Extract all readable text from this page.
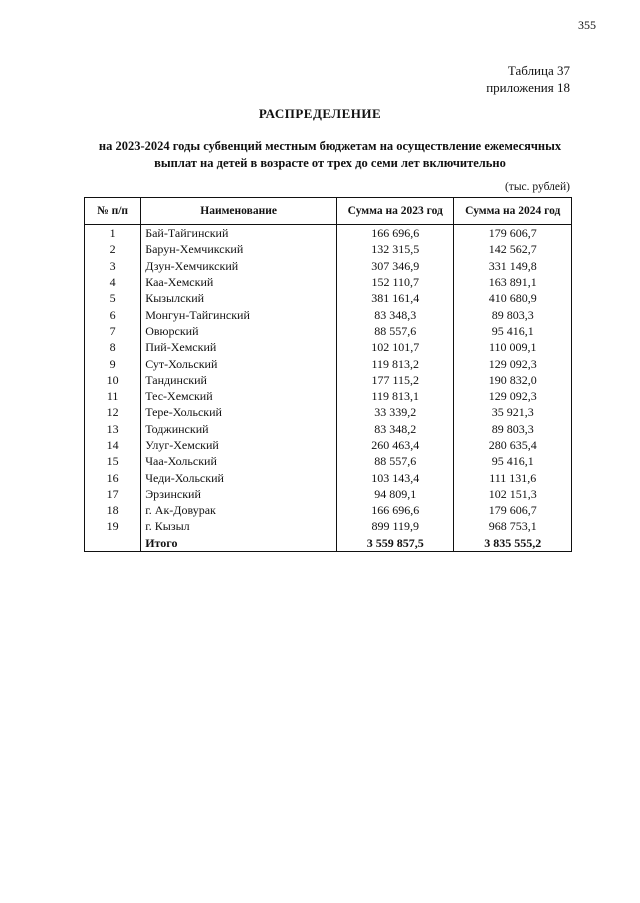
355
Таблица 37
приложения 18
РАСПРЕДЕЛЕНИЕ
на 2023-2024 годы субвенций местным бюджетам на осуществление ежемесячных
выплат на детей в возрасте от трех до семи лет включительно
(тыс. рублей)
№ п/п	Наименование	Сумма на 2023 год	Сумма на 2024 год
1	Бай-Тайгинский	166 696,6	179 606,7
2	Барун-Хемчикский	132 315,5	142 562,7
3	Дзун-Хемчикский	307 346,9	331 149,8
4	Каа-Хемский	152 110,7	163 891,1
5	Кызылский	381 161,4	410 680,9
6	Монгун-Тайгинский	83 348,3	89 803,3
7	Овюрский	88 557,6	95 416,1
8	Пий-Хемский	102 101,7	110 009,1
9	Сут-Хольский	119 813,2	129 092,3
10	Тандинский	177 115,2	190 832,0
11	Тес-Хемский	119 813,1	129 092,3
12	Тере-Хольский	33 339,2	35 921,3
13	Тоджинский	83 348,2	89 803,3
14	Улуг-Хемский	260 463,4	280 635,4
15	Чаа-Хольский	88 557,6	95 416,1
16	Чеди-Хольский	103 143,4	111 131,6
17	Эрзинский	94 809,1	102 151,3
18	г. Ак-Довурак	166 696,6	179 606,7
19	г. Кызыл	899 119,9	968 753,1
	Итого	3 559 857,5	3 835 555,2
